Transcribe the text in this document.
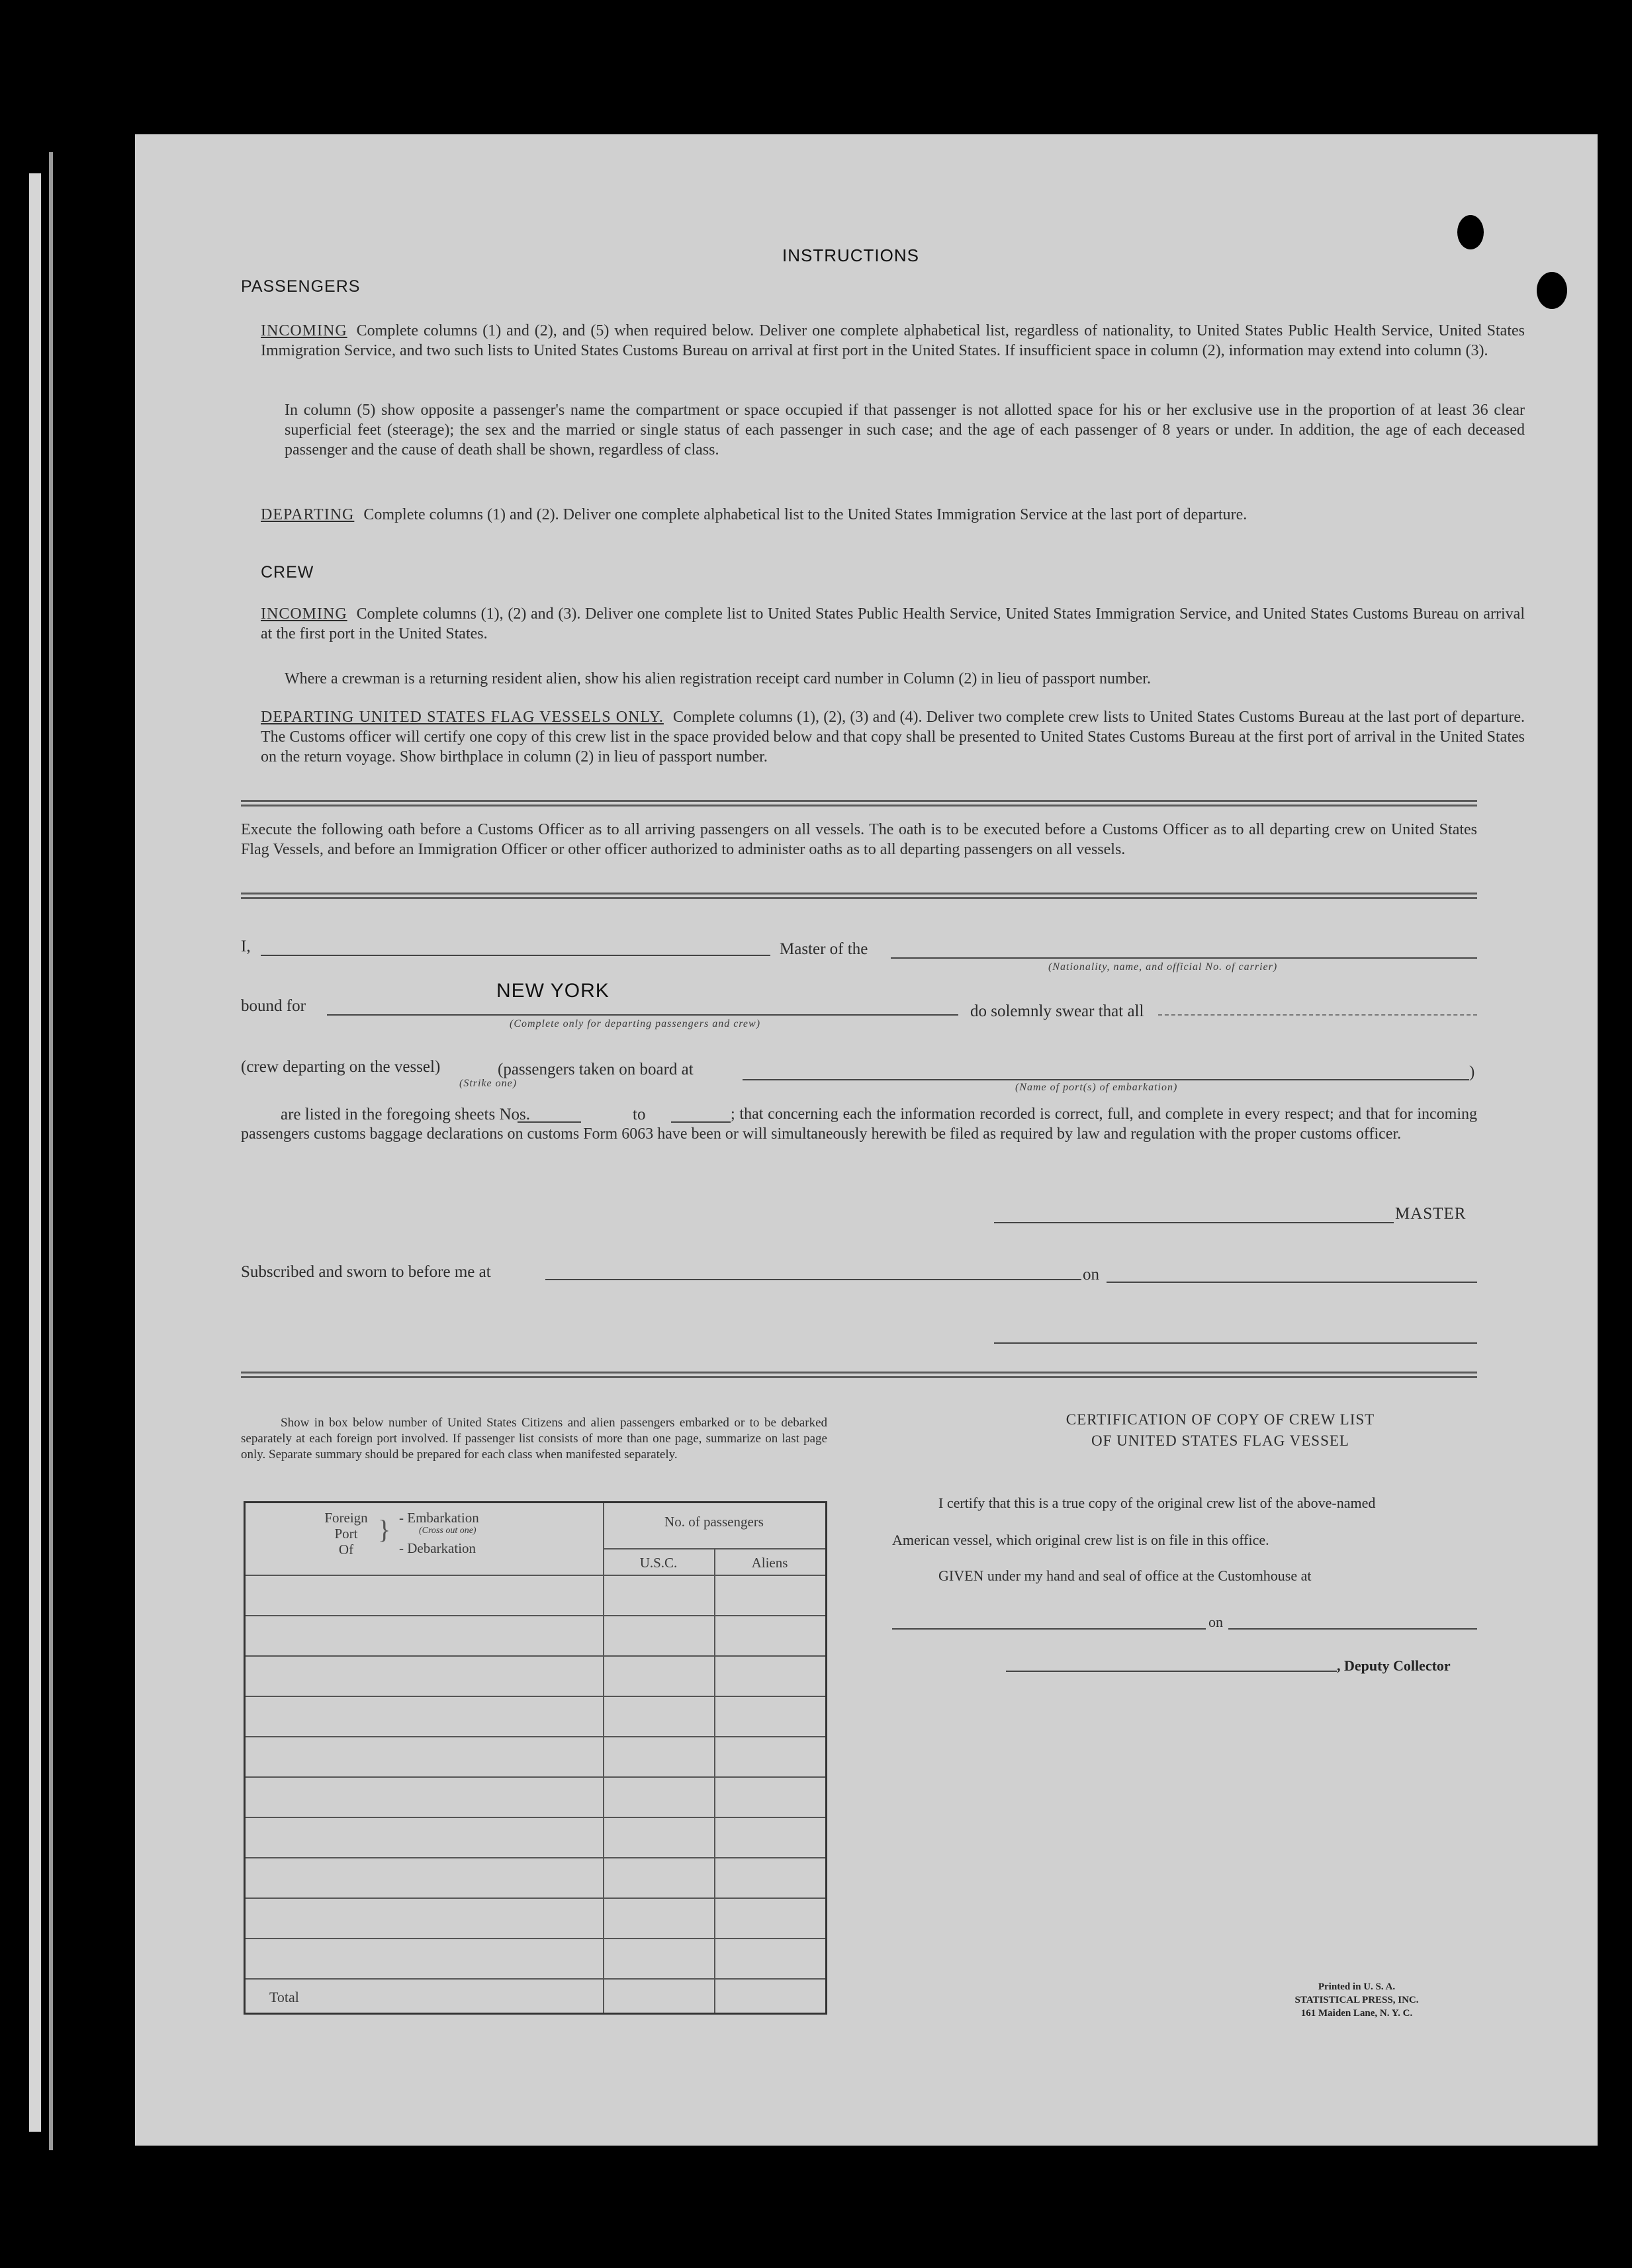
INSTRUCTIONS
PASSENGERS
INCOMING Complete columns (1) and (2), and (5) when required below. Deliver one complete alphabetical list, regardless of nationality, to United States Public Health Service, United States Immigration Service, and two such lists to United States Customs Bureau on arrival at first port in the United States. If insufficient space in column (2), information may extend into column (3).
In column (5) show opposite a passenger's name the compartment or space occupied if that passenger is not allotted space for his or her exclusive use in the proportion of at least 36 clear superficial feet (steerage); the sex and the married or single status of each passenger in such case; and the age of each passenger of 8 years or under. In addition, the age of each deceased passenger and the cause of death shall be shown, regardless of class.
DEPARTING Complete columns (1) and (2). Deliver one complete alphabetical list to the United States Immigration Service at the last port of departure.
CREW
INCOMING Complete columns (1), (2) and (3). Deliver one complete list to United States Public Health Service, United States Immigration Service, and United States Customs Bureau on arrival at the first port in the United States.
Where a crewman is a returning resident alien, show his alien registration receipt card number in Column (2) in lieu of passport number.
DEPARTING UNITED STATES FLAG VESSELS ONLY. Complete columns (1), (2), (3) and (4). Deliver two complete crew lists to United States Customs Bureau at the last port of departure. The Customs officer will certify one copy of this crew list in the space provided below and that copy shall be presented to United States Customs Bureau at the first port of arrival in the United States on the return voyage. Show birthplace in column (2) in lieu of passport number.
Execute the following oath before a Customs Officer as to all arriving passengers on all vessels. The oath is to be executed before a Customs Officer as to all departing crew on United States Flag Vessels, and before an Immigration Officer or other officer authorized to administer oaths as to all departing passengers on all vessels.
I,	Master of the
(Nationality, name, and official No. of carrier)
bound for
NEW YORK
(Complete only for departing passengers and crew)
do solemnly swear that all
(crew departing on the vessel)
(Strike one)
(passengers taken on board at	)
(Name of port(s) of embarkation)
are listed in the foregoing sheets Nos.	to	; that concerning each the information recorded is correct, full, and complete in every respect; and that for incoming passengers customs baggage declarations on customs Form 6063 have been or will simultaneously herewith be filed as required by law and regulation with the proper customs officer.
MASTER
Subscribed and sworn to before me at	on
Show in box below number of United States Citizens and alien passengers embarked or to be debarked separately at each foreign port involved. If passenger list consists of more than one page, summarize on last page only. Separate summary should be prepared for each class when manifested separately.
Foreign
Port
Of
} - Embarkation
(Cross out one)
- Debarkation
No. of passengers
U.S.C.	Aliens
Total
CERTIFICATION OF COPY OF CREW LIST
OF UNITED STATES FLAG VESSEL
I certify that this is a true copy of the original crew list of the above-named
American vessel, which original crew list is on file in this office.
GIVEN under my hand and seal of office at the Customhouse at
on
, Deputy Collector
Printed in U. S. A.
STATISTICAL PRESS, INC.
161 Maiden Lane, N. Y. C.
